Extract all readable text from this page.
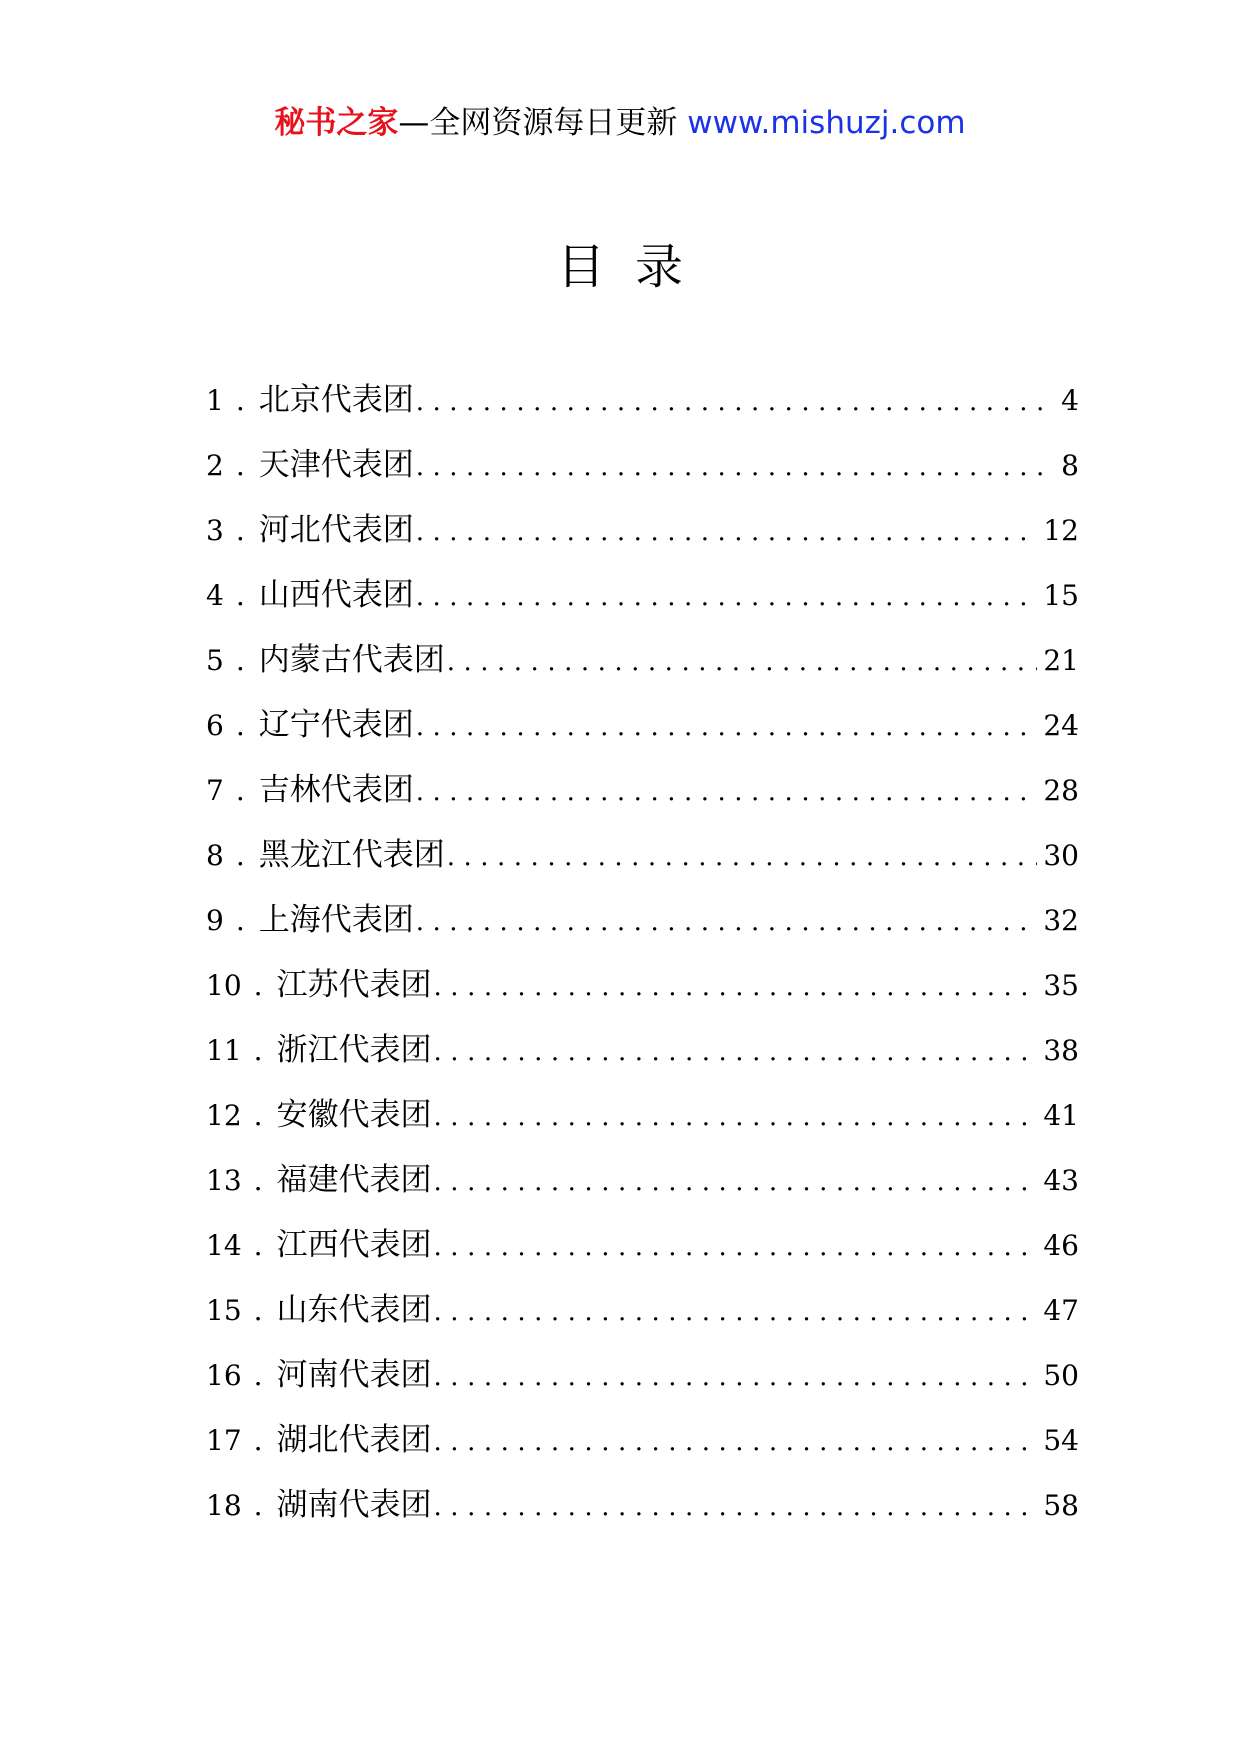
秘书之家—全网资源每日更新 www.mishuzj.com
目录
1 . 北京代表团 .....	4
2 . 天津代表团 .....	8
3 . 河北代表团 .....	12
4 . 山西代表团 .....	15
5 . 内蒙古代表团 .....	21
6 . 辽宁代表团 .....	24
7 . 吉林代表团 .....	28
8 . 黑龙江代表团 .....	30
9 . 上海代表团 .....	32
10 . 江苏代表团 .....	35
11 . 浙江代表团 .....	38
12 . 安徽代表团 .....	41
13 . 福建代表团 .....	43
14 . 江西代表团 .....	46
15 . 山东代表团 .....	47
16 . 河南代表团 .....	50
17 . 湖北代表团 .....	54
18 . 湖南代表团 .....	58
